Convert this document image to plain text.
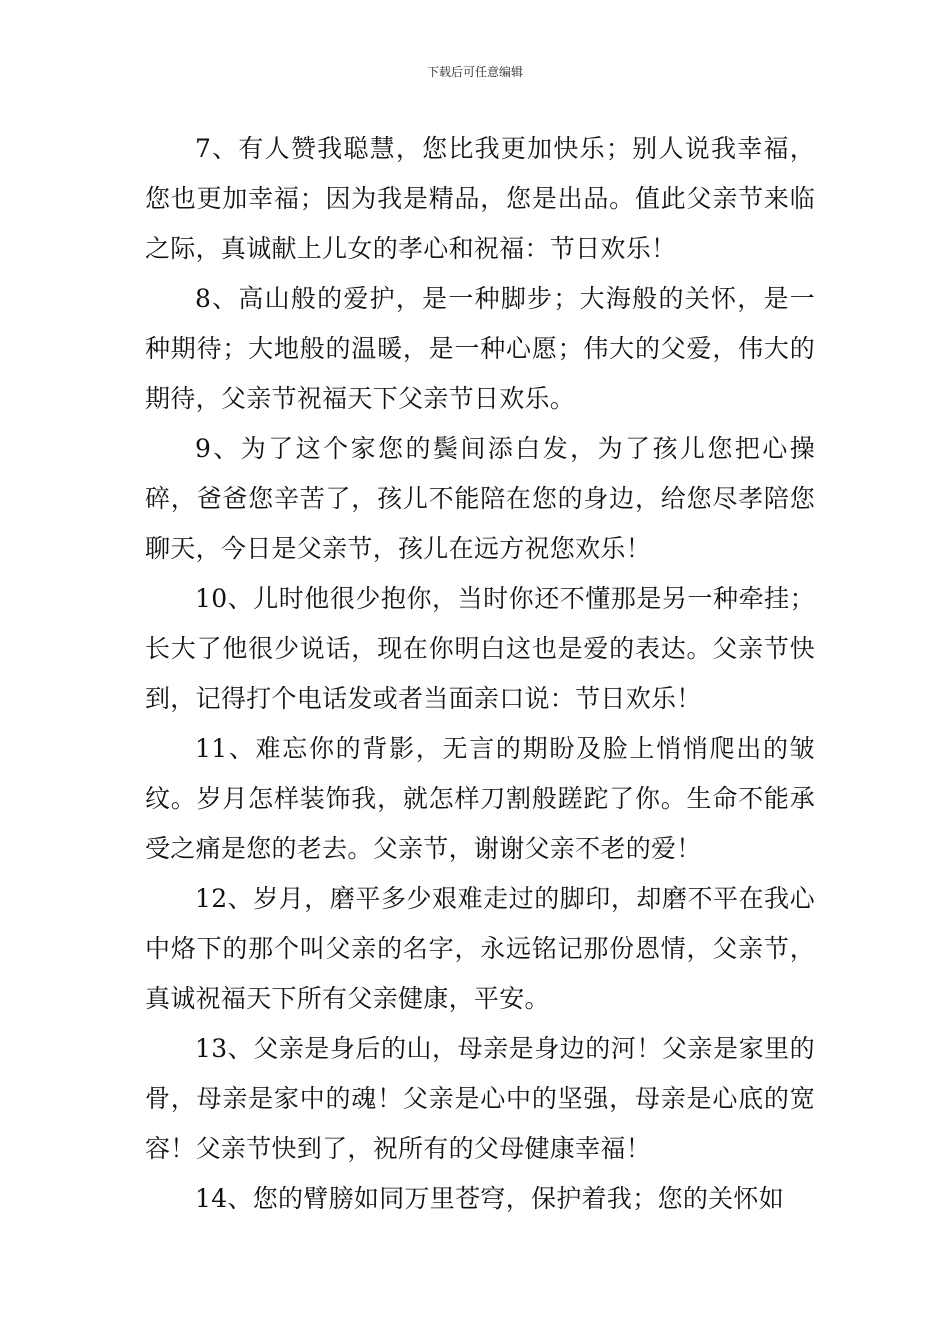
下载后可任意编辑

7、有人赞我聪慧，您比我更加快乐；别人说我幸福，您也更加幸福；因为我是精品，您是出品。值此父亲节来临之际，真诚献上儿女的孝心和祝福：节日欢乐！

8、高山般的爱护，是一种脚步；大海般的关怀，是一种期待；大地般的温暖，是一种心愿；伟大的父爱，伟大的期待，父亲节祝福天下父亲节日欢乐。

9、为了这个家您的鬓间添白发，为了孩儿您把心操碎，爸爸您辛苦了，孩儿不能陪在您的身边，给您尽孝陪您聊天，今日是父亲节，孩儿在远方祝您欢乐！

10、儿时他很少抱你，当时你还不懂那是另一种牵挂；长大了他很少说话，现在你明白这也是爱的表达。父亲节快到，记得打个电话发或者当面亲口说：节日欢乐！

11、难忘你的背影，无言的期盼及脸上悄悄爬出的皱纹。岁月怎样装饰我，就怎样刀割般蹉跎了你。生命不能承受之痛是您的老去。父亲节，谢谢父亲不老的爱！

12、岁月，磨平多少艰难走过的脚印，却磨不平在我心中烙下的那个叫父亲的名字，永远铭记那份恩情，父亲节，真诚祝福天下所有父亲健康，平安。

13、父亲是身后的山，母亲是身边的河！父亲是家里的骨，母亲是家中的魂！父亲是心中的坚强，母亲是心底的宽容！父亲节快到了，祝所有的父母健康幸福！

14、您的臂膀如同万里苍穹，保护着我；您的关怀如
